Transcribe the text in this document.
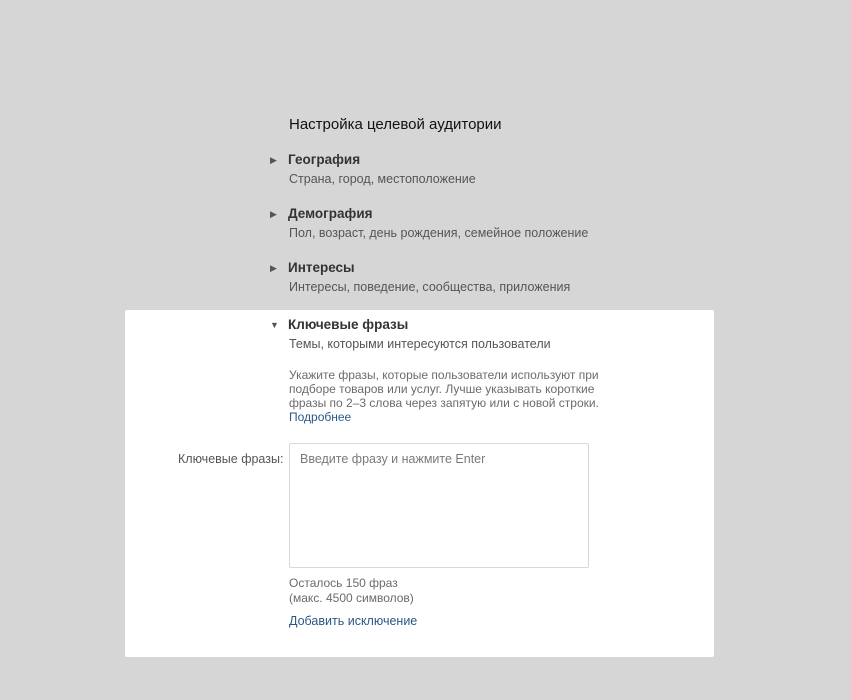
Настройка целевой аудитории
▶ География
Страна, город, местоположение
▶ Демография
Пол, возраст, день рождения, семейное положение
▶ Интересы
Интересы, поведение, сообщества, приложения
▼ Ключевые фразы
Темы, которыми интересуются пользователи
Укажите фразы, которые пользователи используют при подборе товаров или услуг. Лучше указывать короткие фразы по 2–3 слова через запятую или с новой строки. Подробнее
Ключевые фразы:
Введите фразу и нажмите Enter
Осталось 150 фраз
(макс. 4500 символов)
Добавить исключение
